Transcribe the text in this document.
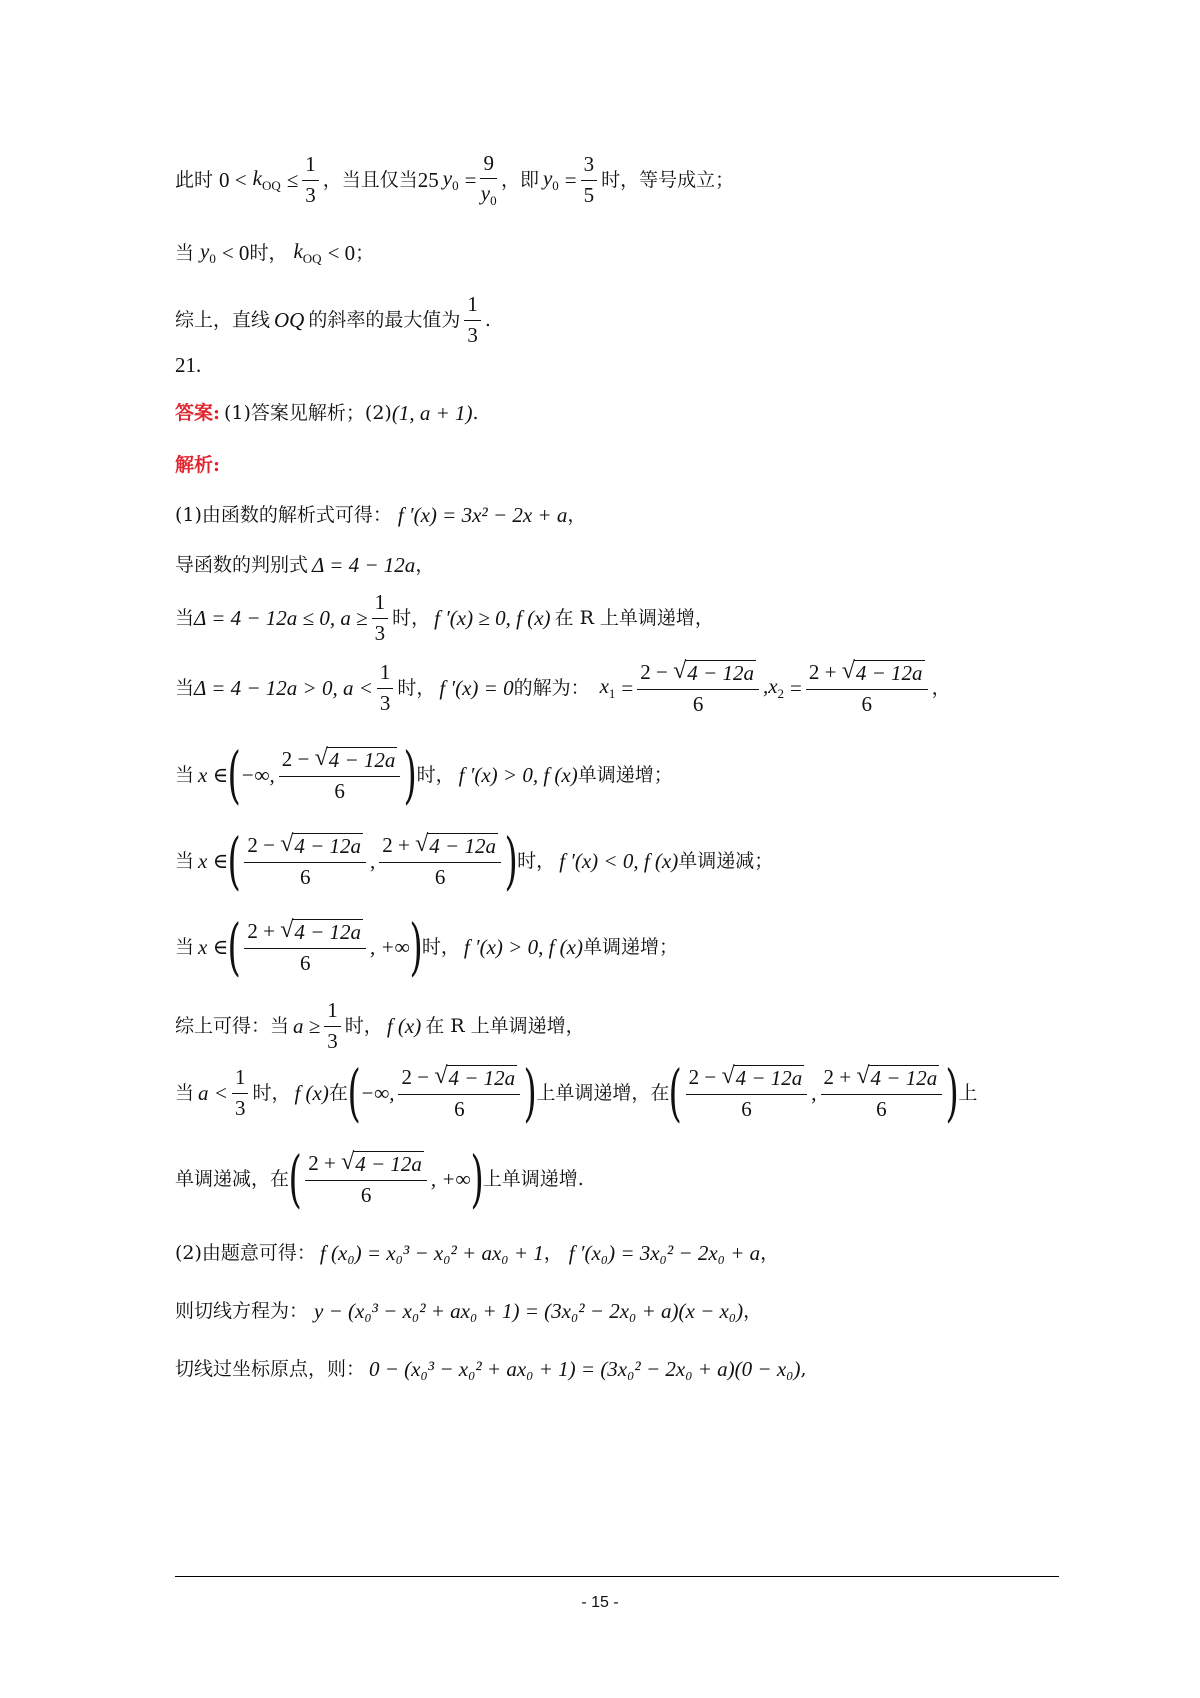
此时 $0 < k_{OQ} \le \frac{1}{3}$ ，当且仅当 25 $y_0 = \frac{9}{y_0}$ ，即 $y_0 = \frac{3}{5}$ 时，等号成立；
当 $y_0 < 0$ 时， $k_{OQ} < 0$ ；
综上，直线 OQ 的斜率的最大值为 $\frac{1}{3}$ .
21.
答案: (1)答案见解析；(2) (1, a + 1) .
解析:
(1)由函数的解析式可得： f ′(x) = 3x² − 2x + a ，
导函数的判别式 Δ = 4 − 12a ，
当 Δ = 4 − 12a ≤ 0, $a \ge \frac{1}{3}$ 时， f ′(x) ≥ 0, f (x) 在 R 上单调递增，
当 Δ = 4 − 12a > 0, $a < \frac{1}{3}$ 时， f ′(x) = 0 的解为： $x_1 = \frac{2 - √ 4 - 12a}{6} ,x_2 = \frac{2 + √ 4 - 12a}{6}$ ，
当 x ∈ ( −∞, $\frac{2 - √ 4 - 12a}{6}$ ) 时， f ′(x) > 0, f (x) 单调递增；
当 x ∈ ( $\frac{2 - √ 4 - 12a}{6}$ , $\frac{2 + √ 4 - 12a}{6}$ ) 时， f ′(x) < 0, f (x) 单调递减；
当 x ∈ ( $\frac{2 + √ 4 - 12a}{6}$ , +∞ ) 时， f ′(x) > 0, f (x) 单调递增；
综上可得：当 $a \ge \frac{1}{3}$ 时， f (x) 在 R 上单调递增，
当 $a < \frac{1}{3}$ 时， f (x) 在 ( −∞, $\frac{2 - √ 4 - 12a}{6}$ ) 上单调递增，在 ( $\frac{2 - √ 4 - 12a}{6}$ , $\frac{2 + √ 4 - 12a}{6}$ ) 上
单调递减，在 ( $\frac{2 + √ 4 - 12a}{6}$ , +∞ ) 上单调递增.
(2)由题意可得： f (x₀) = x₀³ − x₀² + ax₀ + 1 ， f ′(x₀) = 3x₀² − 2x₀ + a ，
则切线方程为： y − (x₀³ − x₀² + ax₀ + 1) = (3x₀² − 2x₀ + a)(x − x₀) ，
切线过坐标原点，则： 0 − (x₀³ − x₀² + ax₀ + 1) = (3x₀² − 2x₀ + a)(0 − x₀) ,
- 15 -
